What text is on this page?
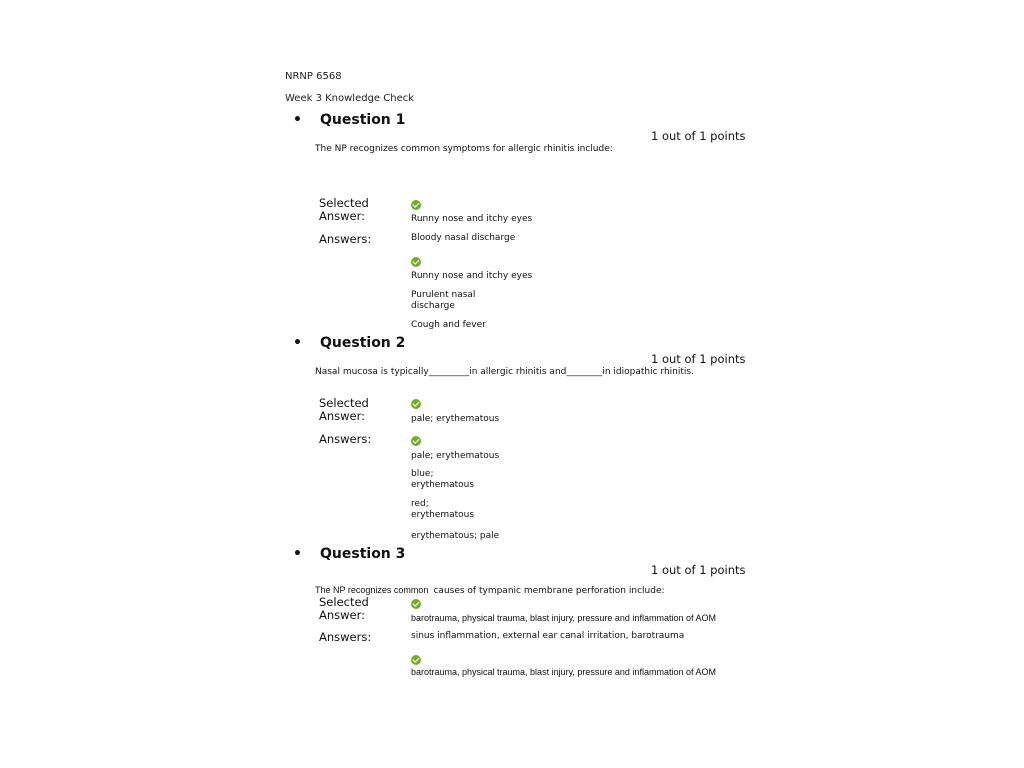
NRNP 6568
Week 3 Knowledge Check
• Question 1
1 out of 1 points
The NP recognizes common symptoms for allergic rhinitis include:
Selected Answer:	Runny nose and itchy eyes
Answers:	Bloody nasal discharge
Runny nose and itchy eyes
Purulent nasal discharge
Cough and fever
• Question 2
1 out of 1 points
Nasal mucosa is typically_________in allergic rhinitis and________in idiopathic rhinitis.
Selected Answer:	pale; erythematous
Answers:
pale; erythematous
blue; erythematous
red; erythematous
erythematous; pale
• Question 3
1 out of 1 points
The NP recognizes common causes of tympanic membrane perforation include:
Selected Answer:	barotrauma, physical trauma, blast injury, pressure and inflammation of AOM
Answers:	sinus inflammation, external ear canal irritation, barotrauma
barotrauma, physical trauma, blast injury, pressure and inflammation of AOM
